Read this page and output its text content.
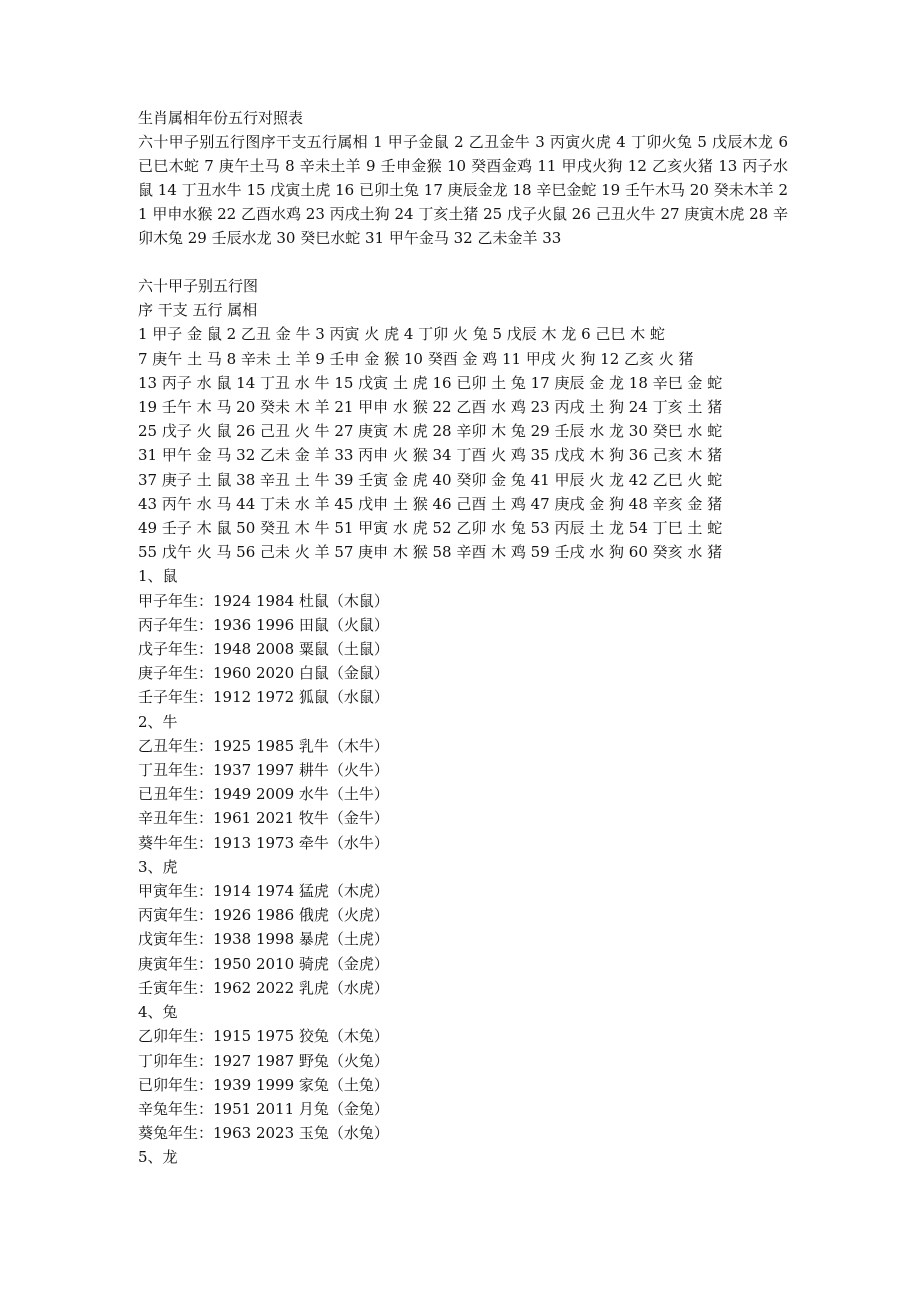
生肖属相年份五行对照表
六十甲子别五行图序干支五行属相 1 甲子金鼠 2 乙丑金牛 3 丙寅火虎 4 丁卯火兔 5 戊辰木龙 6 已巳木蛇 7 庚午土马 8 辛未土羊 9 壬申金猴 10 癸酉金鸡 11 甲戌火狗 12 乙亥火猪 13 丙子水鼠 14 丁丑水牛 15 戊寅土虎 16 已卯土兔 17 庚辰金龙 18 辛巳金蛇 19 壬午木马 20 癸未木羊 21 甲申水猴 22 乙酉水鸡 23 丙戌土狗 24 丁亥土猪 25 戊子火鼠 26 己丑火牛 27 庚寅木虎 28 辛卯木兔 29 壬辰水龙 30 癸巳水蛇 31 甲午金马 32 乙未金羊 33
六十甲子别五行图
序 干支 五行 属相
1 甲子 金 鼠 2 乙丑 金 牛 3 丙寅 火 虎 4 丁卯 火 兔 5 戊辰 木 龙 6 己巳 木 蛇
7 庚午 土 马 8 辛未 土 羊 9 壬申 金 猴 10 癸酉 金 鸡 11 甲戌 火 狗 12 乙亥 火 猪
13 丙子 水 鼠 14 丁丑 水 牛 15 戊寅 土 虎 16 已卯 土 兔 17 庚辰 金 龙 18 辛巳 金 蛇
19 壬午 木 马 20 癸未 木 羊 21 甲申 水 猴 22 乙酉 水 鸡 23 丙戌 土 狗 24 丁亥 土 猪
25 戊子 火 鼠 26 己丑 火 牛 27 庚寅 木 虎 28 辛卯 木 兔 29 壬辰 水 龙 30 癸巳 水 蛇
31 甲午 金 马 32 乙未 金 羊 33 丙申 火 猴 34 丁酉 火 鸡 35 戊戌 木 狗 36 己亥 木 猪
37 庚子 土 鼠 38 辛丑 土 牛 39 壬寅 金 虎 40 癸卯 金 兔 41 甲辰 火 龙 42 乙巳 火 蛇
43 丙午 水 马 44 丁未 水 羊 45 戊申 土 猴 46 己酉 土 鸡 47 庚戌 金 狗 48 辛亥 金 猪
49 壬子 木 鼠 50 癸丑 木 牛 51 甲寅 水 虎 52 乙卯 水 兔 53 丙辰 土 龙 54 丁巳 土 蛇
55 戊午 火 马 56 己未 火 羊 57 庚申 木 猴 58 辛酉 木 鸡 59 壬戌 水 狗 60 癸亥 水 猪
1、鼠
甲子年生：1924 1984 杜鼠（木鼠）
丙子年生：1936 1996 田鼠（火鼠）
戊子年生：1948 2008 粟鼠（土鼠）
庚子年生：1960 2020 白鼠（金鼠）
壬子年生：1912 1972 狐鼠（水鼠）
2、牛
乙丑年生：1925 1985 乳牛（木牛）
丁丑年生：1937 1997 耕牛（火牛）
已丑年生：1949 2009 水牛（土牛）
辛丑年生：1961 2021 牧牛（金牛）
葵牛年生：1913 1973 牵牛（水牛）
3、虎
甲寅年生：1914 1974 猛虎（木虎）
丙寅年生：1926 1986 俄虎（火虎）
戊寅年生：1938 1998 暴虎（土虎）
庚寅年生：1950 2010 骑虎（金虎）
壬寅年生：1962 2022 乳虎（水虎）
4、兔
乙卯年生：1915 1975 狡兔（木兔）
丁卯年生：1927 1987 野兔（火兔）
已卯年生：1939 1999 家兔（土兔）
辛兔年生：1951 2011 月兔（金兔）
葵兔年生：1963 2023 玉兔（水兔）
5、龙
